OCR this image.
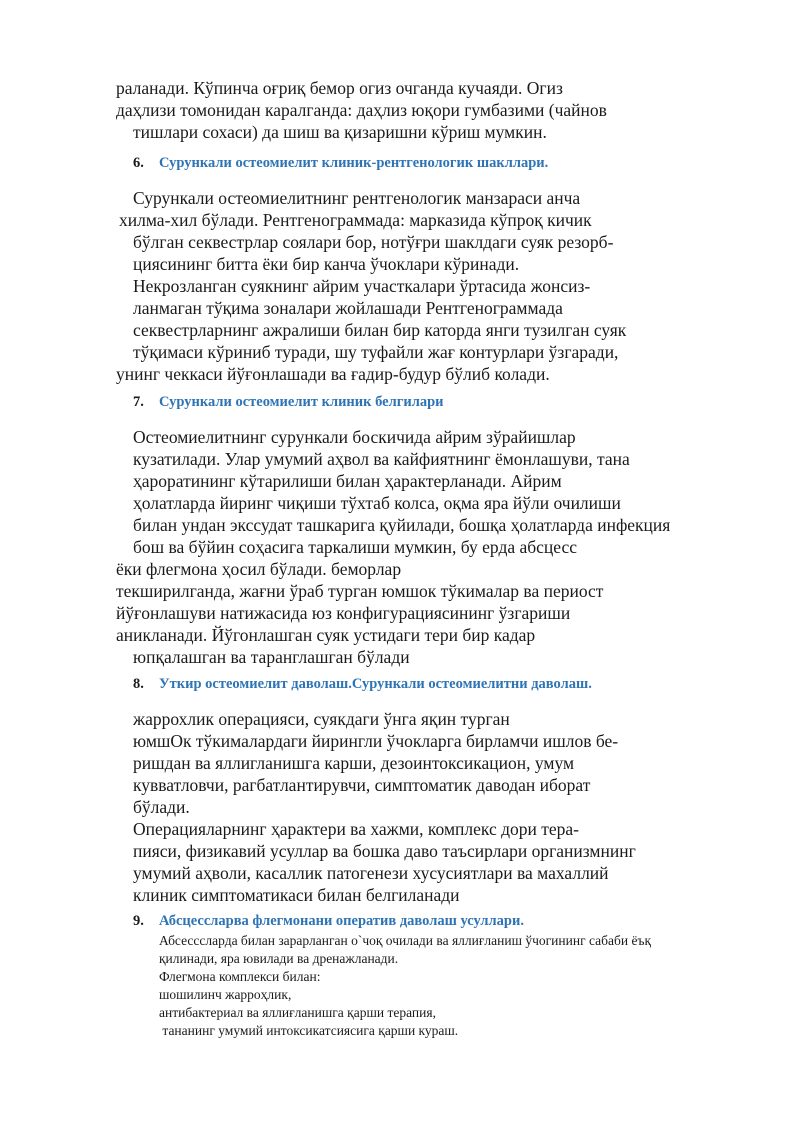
раланади. Кўпинча оғриқ бемор огиз очганда кучаяди. Огиз

даҳлизи томонидан каралганда: даҳлиз юқори гумбазими (чайнов

тишлари сохаси) да шиш ва қизаришни кўриш мумкин.

6. Сурункали остеомиелит клиник-рентгенологик шакллари.

Сурункали остеомиелитнинг рентгенологик манзараси анча

хилма-хил бўлади. Рентгенограммада: марказида кўпроқ кичик

бўлган секвестрлар соялари бор, нотўғри шаклдаги суяк резорб-

циясининг битта ёки бир канча ўчоклари кўринади.

Некрозланган суякнинг айрим участкалари ўртасида жонсиз-

ланмаган тўқима зоналари жойлашади Рентгенограммада

секвестрларнинг ажралиши билан бир каторда янги тузилган суяк

тўқимаси кўриниб туради, шу туфайли жағ контурлари ўзгаради,

унинг чеккаси йўғонлашади ва ғадир-будур бўлиб колади.

7. Сурункали остеомиелит клиник белгилари

Остеомиелитнинг сурункали боскичида айрим зўрайишлар

кузатилади. Улар умумий аҳвол ва кайфиятнинг ёмонлашуви, тана

ҳароратининг кўтарилиши билан ҳарактерланади. Айрим

ҳолатларда йиринг чиқиши тўхтаб колса, оқма яра йўли очилиши

билан ундан экссудат ташкарига қуйилади, бошқа ҳолатларда инфекция

бош ва бўйин соҳасига таркалиши мумкин, бу ерда абсцесс

ёки флегмона ҳосил бўлади. беморлар

текширилганда, жағни ўраб турган юмшок тўкималар ва периост

йўғонлашуви натижасида юз конфигурациясининг ўзгариши

аникланади. Йўгонлашган суяк устидаги тери бир кадар

юпқалашган ва таранглашган бўлади

8. Уткир остеомиелит даволаш.Сурункали остеомиелитни даволаш.

жаррохлик операцияси, суякдаги ўнга яқин турган

юмшОк тўкималардаги йирингли ўчокларга бирламчи ишлов бе-

ришдан ва яллигланишга карши, дезоинтоксикацион, умум

кувватловчи, рагбатлантирувчи, симптоматик даводан иборат

бўлади.

Операцияларнинг ҳарактери ва хажми, комплекс дори тера-

пияси, физикавий усуллар ва бошка даво таъсирлари организмнинг

умумий аҳволи, касаллик патогенези хусусиятлари ва махаллий

клиник симптоматикаси билан белгиланади

9. Абсцессларва флегмонани оператив даволаш усуллари.

Абсесссларда билан зарарланган о`чоқ очилади ва яллиғланиш ўчогининг сабаби ёъқ

қилинади, яра ювилади ва дренажланади.

Флегмона комплекси билан:

шошилинч жарроҳлик,

антибактериал ва яллиғланишга қарши терапия,

тананинг умумий интоксикатсиясига қарши кураш.
